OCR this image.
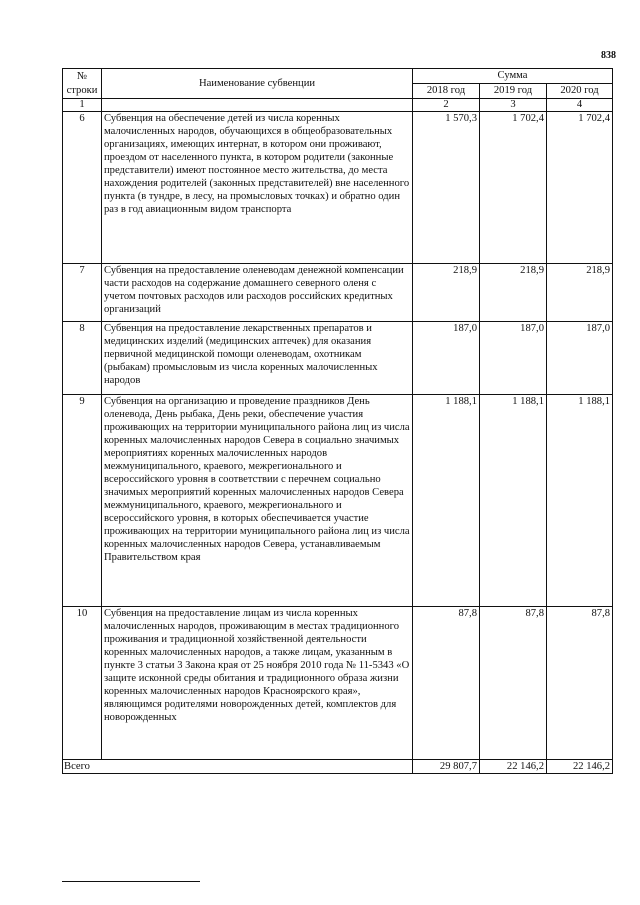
838
№ строки	Наименование субвенции	Сумма		
		2018 год	2019 год	2020 год
1		2	3	4
6	Субвенция на обеспечение детей из числа коренных малочисленных народов, обучающихся в общеобразовательных организациях, имеющих интернат, в котором они проживают, проездом от населенного пункта, в котором родители (законные представители) имеют постоянное место жительства, до места нахождения родителей (законных представителей) вне населенного пункта (в тундре, в лесу, на промысловых точках) и обратно один раз в год авиационным видом транспорта	1 570,3	1 702,4	1 702,4
7	Субвенция на предоставление оленеводам денежной компенсации части расходов на содержание домашнего северного оленя с учетом почтовых расходов или расходов российских кредитных организаций	218,9	218,9	218,9
8	Субвенция на предоставление лекарственных препаратов и медицинских изделий (медицинских аптечек) для оказания первичной медицинской помощи оленеводам, охотникам (рыбакам) промысловым из числа коренных малочисленных народов	187,0	187,0	187,0
9	Субвенция на организацию и проведение праздников День оленевода, День рыбака, День реки, обеспечение участия проживающих на территории муниципального района лиц из числа коренных малочисленных народов Севера в социально значимых мероприятиях коренных малочисленных народов межмуниципального, краевого, межрегионального и всероссийского уровня в соответствии с перечнем социально значимых мероприятий коренных малочисленных народов Севера межмуниципального, краевого, межрегионального и всероссийского уровня, в которых обеспечивается участие проживающих на территории муниципального района лиц из числа коренных малочисленных народов Севера, устанавливаемым Правительством края	1 188,1	1 188,1	1 188,1
10	Субвенция на предоставление лицам из числа коренных малочисленных народов, проживающим в местах традиционного проживания и традиционной хозяйственной деятельности коренных малочисленных народов, а также лицам, указанным в пункте 3 статьи 3 Закона края от 25 ноября 2010 года № 11-5343 «О защите исконной среды обитания и традиционного образа жизни коренных малочисленных народов Красноярского края», являющимся родителями новорожденных детей, комплектов для новорожденных	87,8	87,8	87,8
Всего		29 807,7	22 146,2	22 146,2
